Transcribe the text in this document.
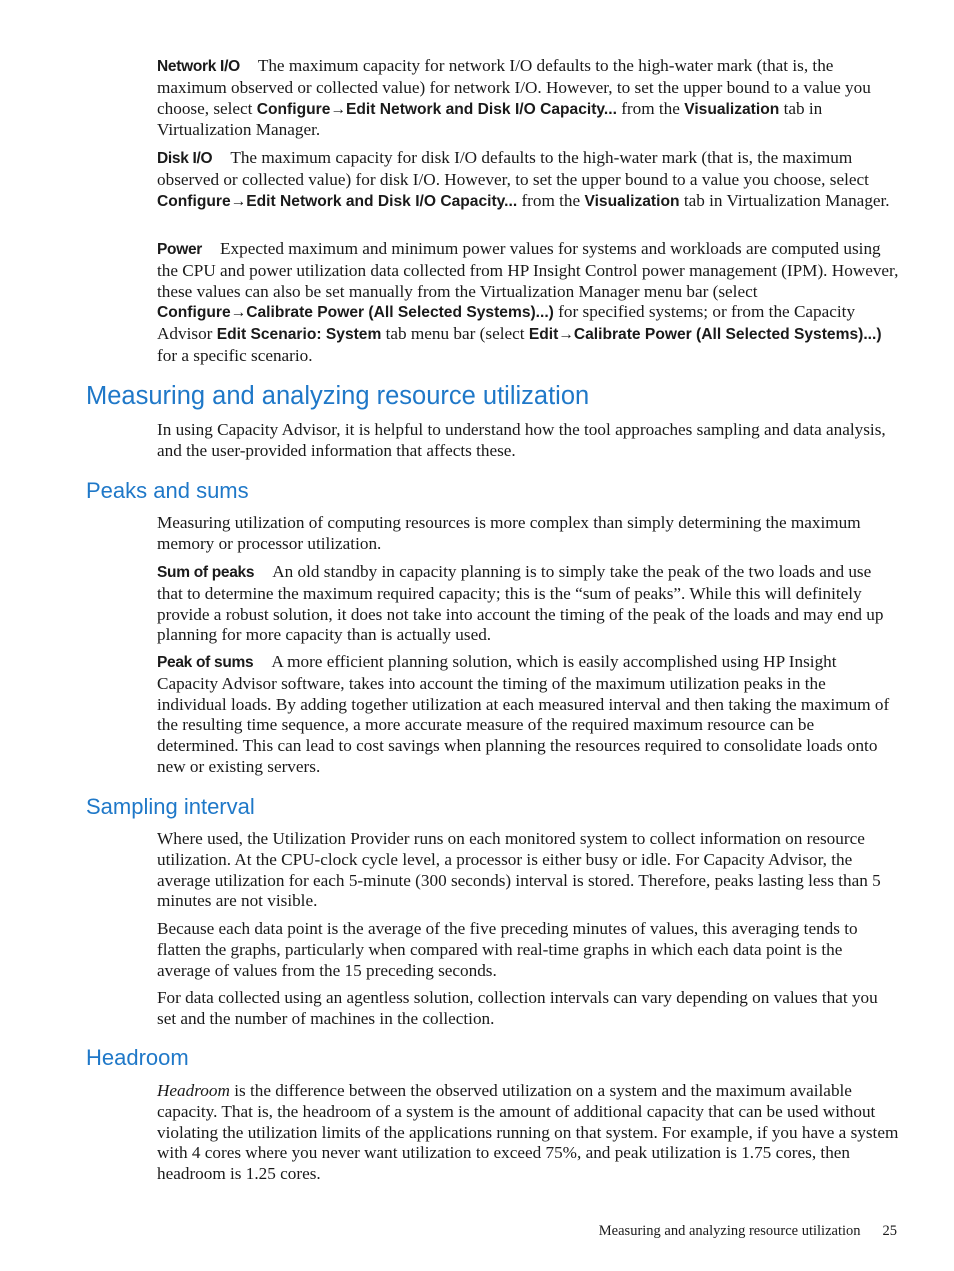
Network I/O The maximum capacity for network I/O defaults to the high-water mark (that is, the maximum observed or collected value) for network I/O. However, to set the upper bound to a value you choose, select Configure→Edit Network and Disk I/O Capacity... from the Visualization tab in Virtualization Manager.

Disk I/O The maximum capacity for disk I/O defaults to the high-water mark (that is, the maximum observed or collected value) for disk I/O. However, to set the upper bound to a value you choose, select Configure→Edit Network and Disk I/O Capacity... from the Visualization tab in Virtualization Manager.

Power Expected maximum and minimum power values for systems and workloads are computed using the CPU and power utilization data collected from HP Insight Control power management (IPM). However, these values can also be set manually from the Virtualization Manager menu bar (select Configure→Calibrate Power (All Selected Systems)...) for specified systems; or from the Capacity Advisor Edit Scenario: System tab menu bar (select Edit→Calibrate Power (All Selected Systems)...) for a specific scenario.

Measuring and analyzing resource utilization

In using Capacity Advisor, it is helpful to understand how the tool approaches sampling and data analysis, and the user-provided information that affects these.

Peaks and sums

Measuring utilization of computing resources is more complex than simply determining the maximum memory or processor utilization.

Sum of peaks An old standby in capacity planning is to simply take the peak of the two loads and use that to determine the maximum required capacity; this is the “sum of peaks”. While this will definitely provide a robust solution, it does not take into account the timing of the peak of the loads and may end up planning for more capacity than is actually used.

Peak of sums A more efficient planning solution, which is easily accomplished using HP Insight Capacity Advisor software, takes into account the timing of the maximum utilization peaks in the individual loads. By adding together utilization at each measured interval and then taking the maximum of the resulting time sequence, a more accurate measure of the required maximum resource can be determined. This can lead to cost savings when planning the resources required to consolidate loads onto new or existing servers.

Sampling interval

Where used, the Utilization Provider runs on each monitored system to collect information on resource utilization. At the CPU-clock cycle level, a processor is either busy or idle. For Capacity Advisor, the average utilization for each 5-minute (300 seconds) interval is stored. Therefore, peaks lasting less than 5 minutes are not visible.

Because each data point is the average of the five preceding minutes of values, this averaging tends to flatten the graphs, particularly when compared with real-time graphs in which each data point is the average of values from the 15 preceding seconds.

For data collected using an agentless solution, collection intervals can vary depending on values that you set and the number of machines in the collection.

Headroom

Headroom is the difference between the observed utilization on a system and the maximum available capacity. That is, the headroom of a system is the amount of additional capacity that can be used without violating the utilization limits of the applications running on that system. For example, if you have a system with 4 cores where you never want utilization to exceed 75%, and peak utilization is 1.75 cores, then headroom is 1.25 cores.

Measuring and analyzing resource utilization 25
